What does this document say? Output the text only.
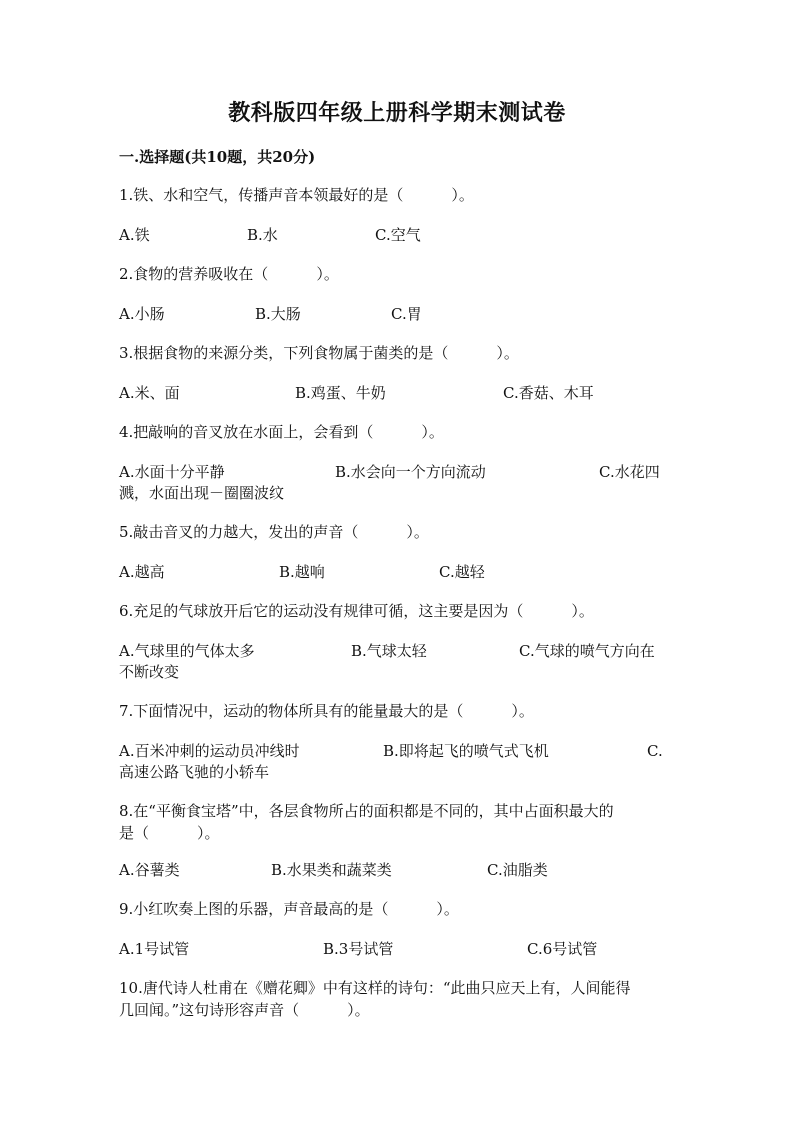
教科版四年级上册科学期末测试卷
一.选择题(共10题，共20分)
1.铁、水和空气，传播声音本领最好的是（	）。
A.铁	B.水	C.空气
2.食物的营养吸收在（	）。
A.小肠	B.大肠	C.胃
3.根据食物的来源分类，下列食物属于菌类的是（	）。
A.米、面	B.鸡蛋、牛奶	C.香菇、木耳
4.把敲响的音叉放在水面上，会看到（	）。
A.水面十分平静	B.水会向一个方向流动	C.水花四
溅，水面出现－圈圈波纹
5.敲击音叉的力越大，发出的声音（	）。
A.越高	B.越响	C.越轻
6.充足的气球放开后它的运动没有规律可循，这主要是因为（	）。
A.气球里的气体太多	B.气球太轻	C.气球的喷气方向在
不断改变
7.下面情况中，运动的物体所具有的能量最大的是（	）。
A.百米冲刺的运动员冲线时	B.即将起飞的喷气式飞机	C.
高速公路飞驰的小轿车
8.在“平衡食宝塔”中，各层食物所占的面积都是不同的，其中占面积最大的
是（	）。
A.谷薯类	B.水果类和蔬菜类	C.油脂类
9.小红吹奏上图的乐器，声音最高的是（	）。
A.1号试管	B.3号试管	C.6号试管
10.唐代诗人杜甫在《赠花卿》中有这样的诗句：“此曲只应天上有，人间能得
几回闻。”这句诗形容声音（	）。
